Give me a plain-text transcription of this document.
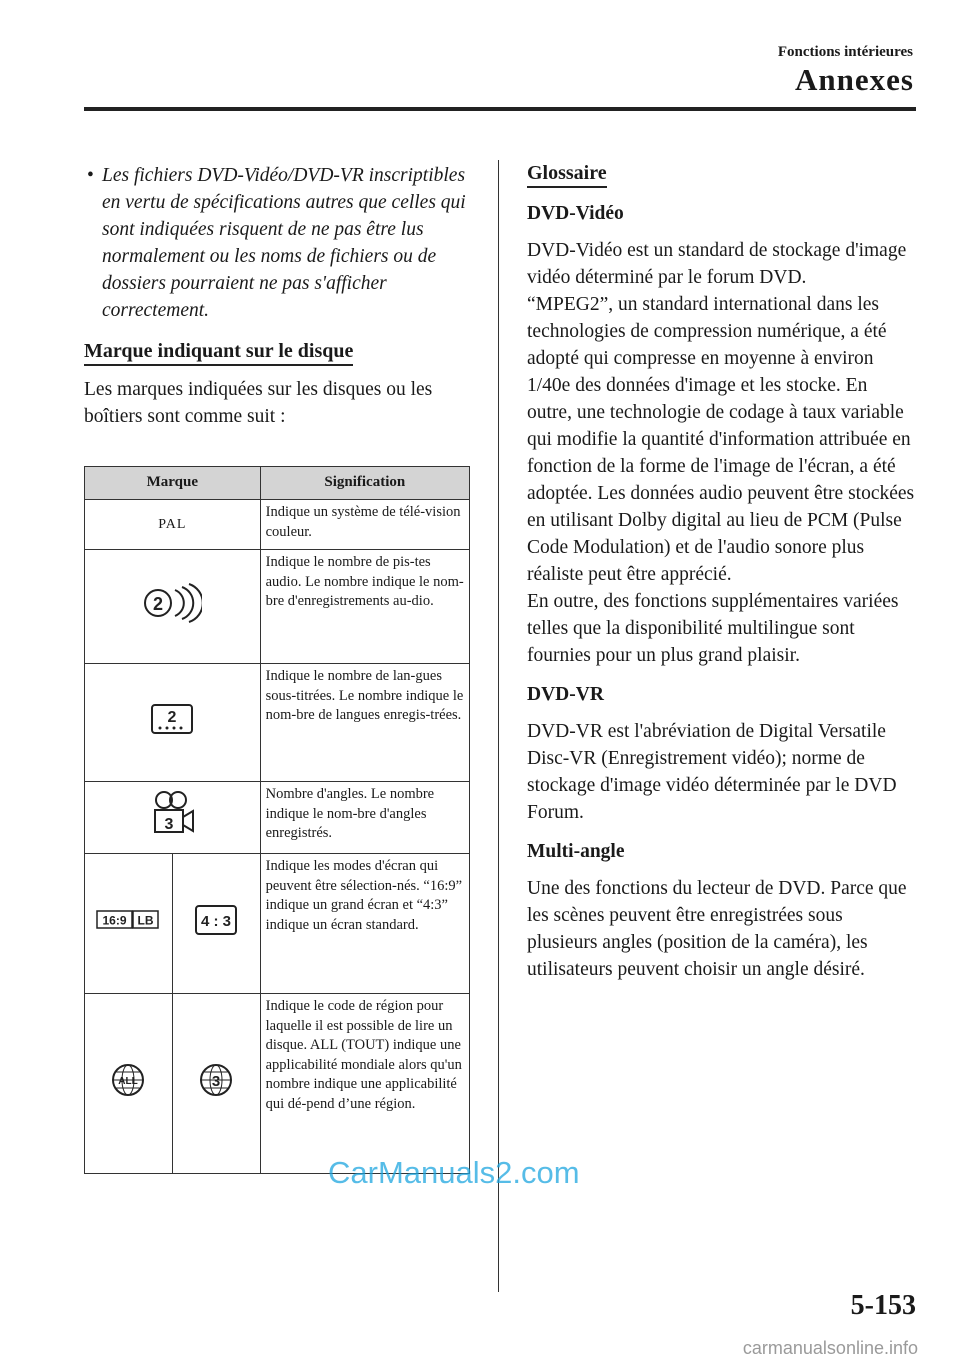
Fonctions intérieures
Annexes
• Les fichiers DVD-Vidéo/DVD-VR inscriptibles en vertu de spécifications autres que celles qui sont indiquées risquent de ne pas être lus normalement ou les noms de fichiers ou de dossiers pourraient ne pas s'afficher correctement.
Marque indiquant sur le disque
Les marques indiquées sur les disques ou les boîtiers sont comme suit :
Marque		Signification
PAL		Indique un système de télé-vision couleur.

2		Indique le nombre de pis-tes audio. Le nombre indique le nom-bre d'enregistrements au-dio.

2		Indique le nombre de lan-gues sous-titrées. Le nombre indique le nom-bre de langues enregis-trées.

3		Nombre d'angles. Le nombre indique le nom-bre d'angles enregistrés.

16:9 LB	4 : 3	Indique les modes d'écran qui peuvent être sélection-nés. “16:9” indique un grand écran et “4:3” indique un écran standard.

ALL	3	Indique le code de région pour laquelle il est possible de lire un disque. ALL (TOUT) indique une applicabilité mondiale alors qu'un nombre indique une applicabilité qui dé-pend d’une région.
Glossaire
DVD-Vidéo

DVD-Vidéo est un standard de stockage d'image vidéo déterminé par le forum DVD.

“MPEG2”, un standard international dans les technologies de compression numérique, a été adopté qui compresse en moyenne à environ 1/40e des données d'image et les stocke. En outre, une technologie de codage à taux variable qui modifie la quantité d'information attribuée en fonction de la forme de l'image de l'écran, a été adoptée. Les données audio peuvent être stockées en utilisant Dolby digital au lieu de PCM (Pulse Code Modulation) et de l'audio sonore plus réaliste peut être apprécié.

En outre, des fonctions supplémentaires variées telles que la disponibilité multilingue sont fournies pour un plus grand plaisir.

DVD-VR
DVD-VR est l'abréviation de Digital Versatile Disc-VR (Enregistrement vidéo); norme de stockage d'image vidéo déterminée par le DVD Forum.
Multi-angle
Une des fonctions du lecteur de DVD. Parce que les scènes peuvent être enregistrées sous plusieurs angles (position de la caméra), les utilisateurs peuvent choisir un angle désiré.
5-153
CarManuals2.com
carmanualsonline.info
